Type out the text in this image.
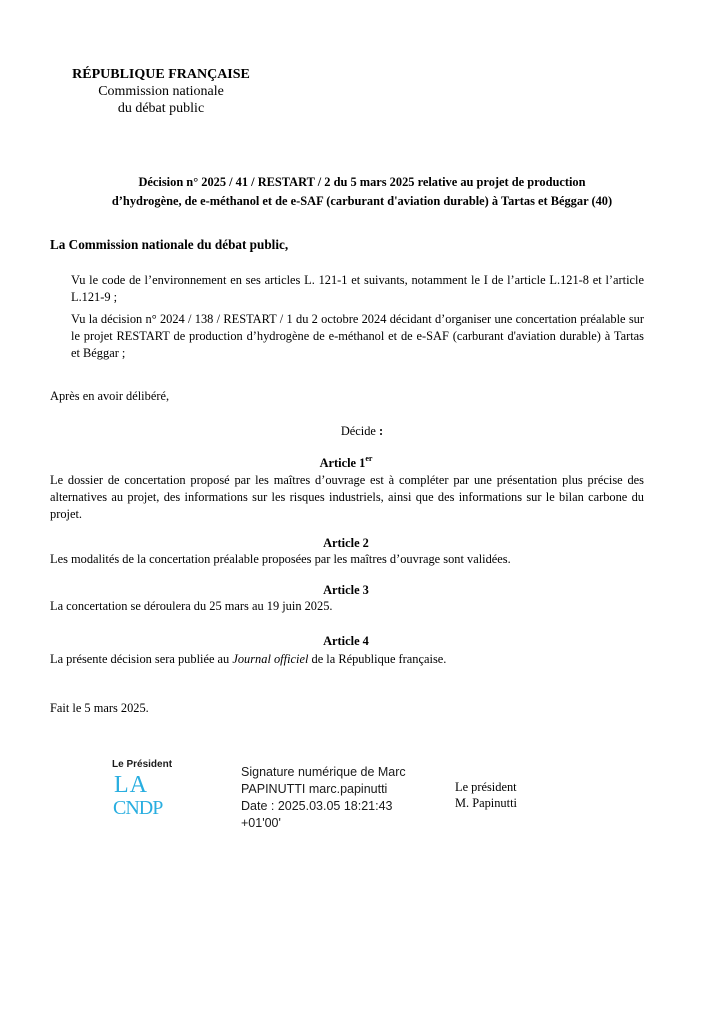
RÉPUBLIQUE FRANÇAISE
Commission nationale
du débat public
Décision n° 2025 / 41 / RESTART / 2 du 5 mars 2025 relative au projet de production
d’hydrogène, de e-méthanol et de e-SAF (carburant d'aviation durable) à Tartas et Béggar (40)
La Commission nationale du débat public,

Vu le code de l’environnement en ses articles L. 121-1 et suivants, notamment le I de l’article L.121-8 et l’article L.121-9 ;

Vu la décision n° 2024 / 138 / RESTART / 1 du 2 octobre 2024 décidant d’organiser une concertation préalable sur le projet RESTART de production d’hydrogène de e-méthanol et de e-SAF (carburant d'aviation durable) à Tartas et Béggar ;

Après en avoir délibéré,
Décide :
Article 1er

Le dossier de concertation proposé par les maîtres d’ouvrage est à compléter par une présentation plus précise des alternatives au projet, des informations sur les risques industriels, ainsi que des informations sur le bilan carbone du projet.

Article 2

Les modalités de la concertation préalable proposées par les maîtres d’ouvrage sont validées.

Article 3

La concertation se déroulera du 25 mars au 19 juin 2025.

Article 4

La présente décision sera publiée au Journal officiel de la République française.

Fait le 5 mars 2025.
Le Président
LA
CNDP
Signature numérique de Marc
PAPINUTTI marc.papinutti
Date : 2025.03.05 18:21:43
+01'00'
Le président
M. Papinutti
